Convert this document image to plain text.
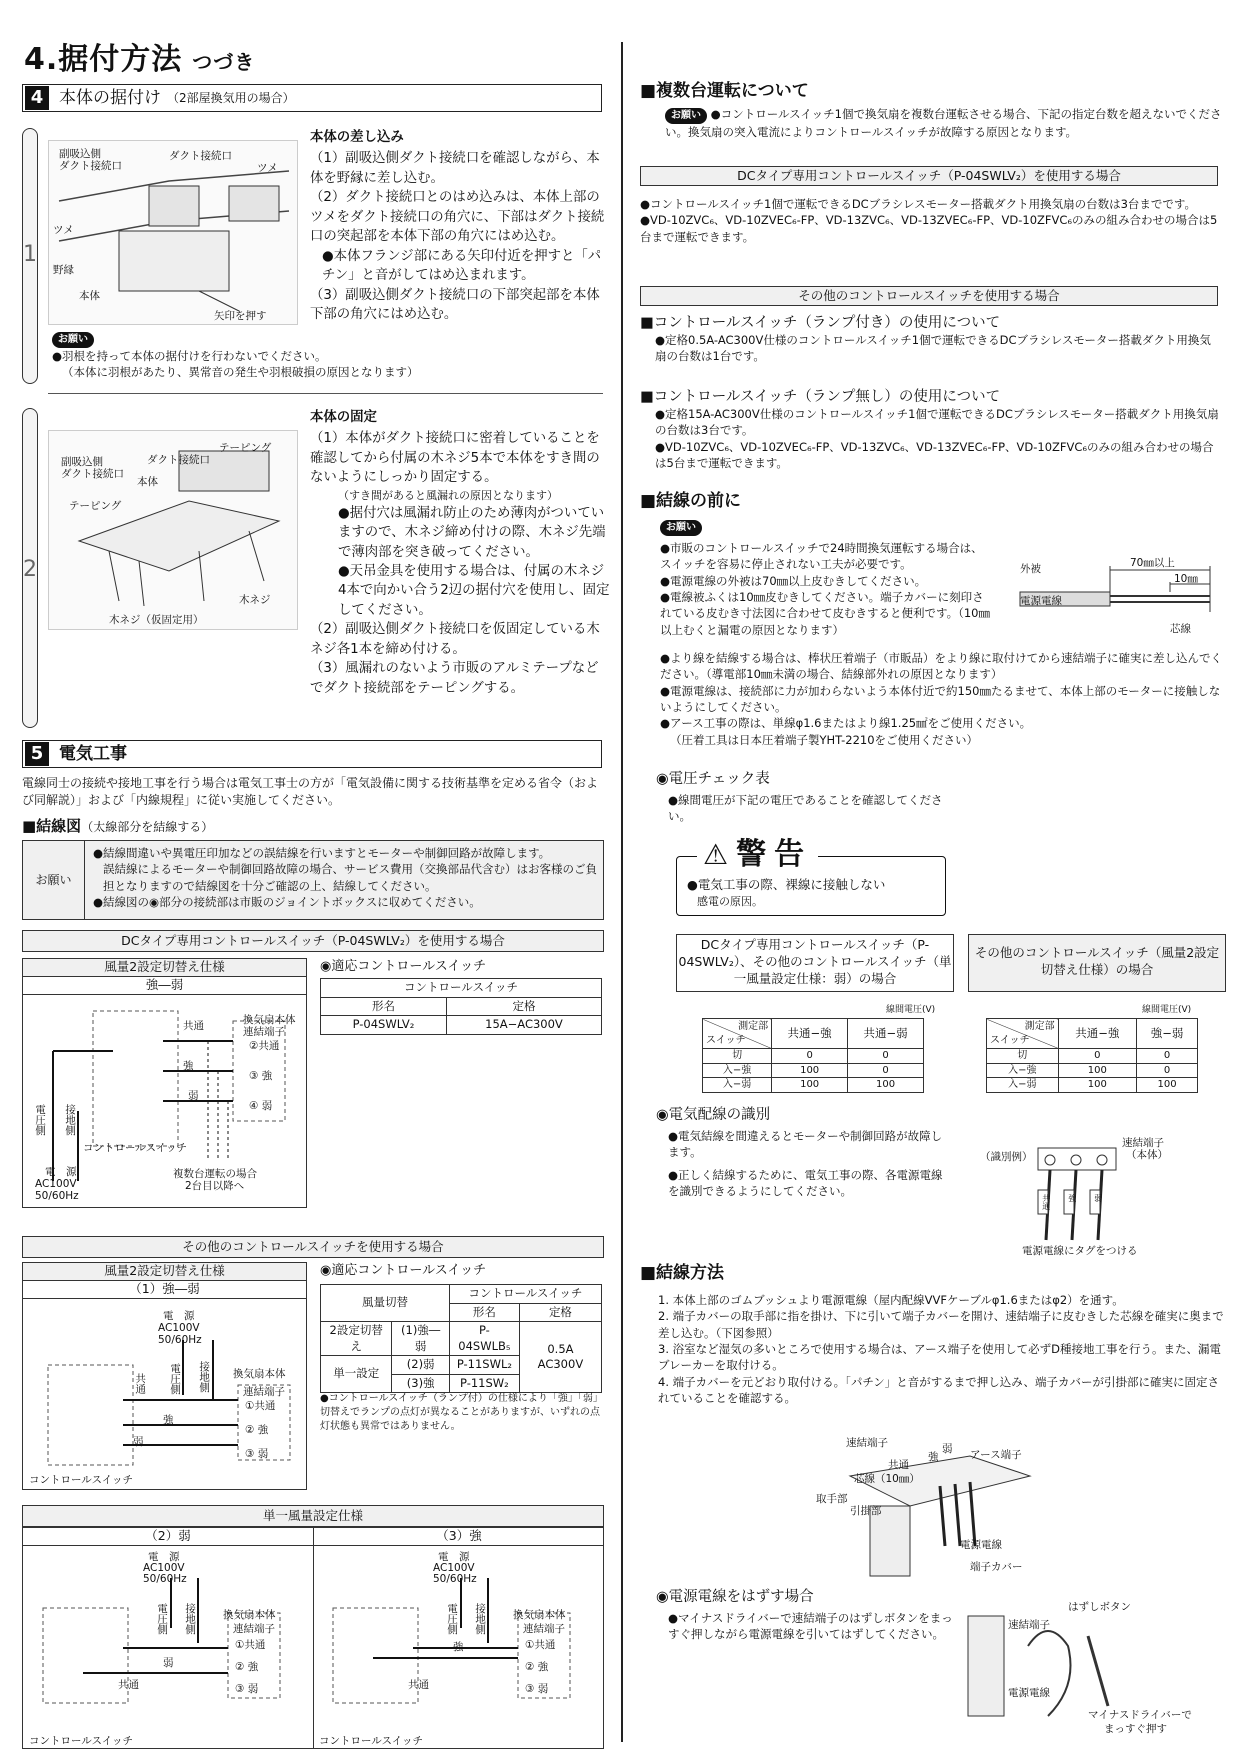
4.据付方法 つづき
4 本体の据付け （2部屋換気用の場合）
1
副吸込側
ダクト接続口
ダクト接続口
ツメ
ツメ
野縁
本体
矢印を押す
本体の差し込み
（1）副吸込側ダクト接続口を確認しながら、本体を野縁に差し込む。
（2）ダクト接続口とのはめ込みは、本体上部のツメをダクト接続口の角穴に、下部はダクト接続口の突起部を本体下部の角穴にはめ込む。
●本体フランジ部にある矢印付近を押すと「パチン」と音がしてはめ込まれます。
（3）副吸込側ダクト接続口の下部突起部を本体下部の角穴にはめ込む。
お願い
●羽根を持って本体の据付けを行わないでください。
（本体に羽根があたり、異常音の発生や羽根破損の原因となります）
2
副吸込側
ダクト接続口
ダクト接続口
テーピング
テーピング
本体
木ネジ
木ネジ（仮固定用）
本体の固定
（1）本体がダクト接続口に密着していることを確認してから付属の木ネジ5本で本体をすき間のないようにしっかり固定する。
（すき間があると風漏れの原因となります）
●据付穴は風漏れ防止のため薄肉がついていますので、木ネジ締め付けの際、木ネジ先端で薄肉部を突き破ってください。
●天吊金具を使用する場合は、付属の木ネジ4本で向かい合う2辺の据付穴を使用し、固定してください。
（2）副吸込側ダクト接続口を仮固定している木ネジ各1本を締め付ける。
（3）風漏れのないよう市販のアルミテープなどでダクト接続部をテーピングする。
5 電気工事
電線同士の接続や接地工事を行う場合は電気工事士の方が「電気設備に関する技術基準を定める省令（および同解説）」および「内線規程」に従い実施してください。
■結線図（太線部分を結線する）
お願い
●結線間違いや異電圧印加などの誤結線を行いますとモーターや制御回路が故障します。
誤結線によるモーターや制御回路故障の場合、サービス費用（交換部品代含む）はお客様のご負担となりますので結線図を十分ご確認の上、結線してください。
●結線図の◉部分の接続部は市販のジョイントボックスに収めてください。
DCタイプ専用コントロールスイッチ（P-04SWLV₂）を使用する場合
風量2設定切替え仕様
強―弱
共通	換気扇本体
連結端子
②共通
③ 強
④ 弱
強
弱
電圧側 接地側
コントロールスイッチ
電　源
AC100V
50/60Hz
複数台運転の場合
2台目以降へ
◉適応コントロールスイッチ
コントロールスイッチ	
形名	定格
P-04SWLV₂	15A−AC300V
その他のコントロールスイッチを使用する場合
風量2設定切替え仕様
（1）強―弱
電　源
AC100V
50/60Hz
共通 電圧側 接地側 換気扇本体
連結端子
①共通
② 強
③ 弱
強
弱
コントロールスイッチ
◉適応コントロールスイッチ
風量切替		コントロールスイッチ	
		形名	定格
2設定切替え	(1)強―弱	P-04SWLB₅	0.5A AC300V
単一設定	(2)弱	P-11SWL₂	
	(3)強	P-11SW₂	
●コントロールスイッチ（ランプ付）の仕様により「強」「弱」切替えでランプの点灯が異なることがありますが、いずれの点灯状態も異常ではありません。
単一風量設定仕様
（2）弱	（3）強
電　源
AC100V
50/60Hz
電圧側 接地側	換気扇本体
連結端子
①共通
② 強
③ 弱
共通
弱
コントロールスイッチ
電　源
AC100V
50/60Hz
電圧側 接地側	換気扇本体
連結端子
①共通
② 強
③ 弱
共通
強
コントロールスイッチ
■複数台運転について
お願い ●コントロールスイッチ1個で換気扇を複数台運転させる場合、下記の指定台数を超えないでください。換気扇の突入電流によりコントロールスイッチが故障する原因となります。
DCタイプ専用コントロールスイッチ（P-04SWLV₂）を使用する場合
●コントロールスイッチ1個で運転できるDCブラシレスモーター搭載ダクト用換気扇の台数は3台までです。
●VD-10ZVC₆、VD-10ZVEC₆-FP、VD-13ZVC₆、VD-13ZVEC₆-FP、VD-10ZFVC₆のみの組み合わせの場合は5台まで運転できます。
その他のコントロールスイッチを使用する場合
■コントロールスイッチ（ランプ付き）の使用について
●定格0.5A-AC300V仕様のコントロールスイッチ1個で運転できるDCブラシレスモーター搭載ダクト用換気扇の台数は1台です。
■コントロールスイッチ（ランプ無し）の使用について
●定格15A-AC300V仕様のコントロールスイッチ1個で運転できるDCブラシレスモーター搭載ダクト用換気扇の台数は3台です。
●VD-10ZVC₆、VD-10ZVEC₆-FP、VD-13ZVC₆、VD-13ZVEC₆-FP、VD-10ZFVC₆のみの組み合わせの場合は5台まで運転できます。
■結線の前に
お願い
●市販のコントロールスイッチで24時間換気運転する場合は、スイッチを容易に停止されない工夫が必要です。
●電源電線の外被は70㎜以上皮むきしてください。
●電線被ふくは10㎜皮むきしてください。端子カバーに刻印されている皮むき寸法図に合わせて皮むきすると便利です。（10㎜以上むくと漏電の原因となります）
外被
電源電線
70㎜以上
10㎜
芯線
●より線を結線する場合は、棒状圧着端子（市販品）をより線に取付けてから速結端子に確実に差し込んでください。（導電部10㎜未満の場合、結線部外れの原因となります）
●電源電線は、接続部に力が加わらないよう本体付近で約150㎜たるませて、本体上部のモーターに接触しないようにしてください。
●アース工事の際は、単線φ1.6またはより線1.25㎟をご使用ください。
（圧着工具は日本圧着端子製YHT-2210をご使用ください）
◉電圧チェック表
●線間電圧が下記の電圧であることを確認してください。
⚠警告
●電気工事の際、裸線に接触しない
感電の原因。
DCタイプ専用コントロールスイッチ（P-04SWLV₂）、その他のコントロールスイッチ（単一風量設定仕様：弱）の場合
その他のコントロールスイッチ（風量2設定切替え仕様）の場合
線間電圧(V)	線間電圧(V)
測定部
スイッチ	共通−強	共通−弱
切	0	0
入−強	100	0
入−弱	100	100
測定部
スイッチ	共通−強	強−弱
切	0	0
入−強	100	0
入−弱	100	100
◉電気配線の識別
●電気結線を間違えるとモーターや制御回路が故障します。
●正しく結線するために、電気工事の際、各電源電線を識別できるようにしてください。
（識別例）
速結端子
（本体）
共通 強 弱
電源電線にタグをつける
■結線方法
1. 本体上部のゴムブッシュより電源電線（屋内配線VVFケーブルφ1.6またはφ2）を通す。
2. 端子カバーの取手部に指を掛け、下に引いて端子カバーを開け、速結端子に皮むきした芯線を確実に奥まで差し込む。（下図参照）
3. 浴室など湿気の多いところで使用する場合は、アース端子を使用して必ずD種接地工事を行う。また、漏電ブレーカーを取付ける。
4. 端子カバーを元どおり取付ける。「パチン」と音がするまで押し込み、端子カバーが引掛部に確実に固定されていることを確認する。
速結端子
共通
強
弱 アース端子
芯線（10㎜）
取手部
引掛部
電源電線
端子カバー
◉電源電線をはずす場合
●マイナスドライバーで速結端子のはずしボタンをまっすぐ押しながら電源電線を引いてはずしてください。
はずしボタン
速結端子
電源電線
マイナスドライバーで
まっすぐ押す
